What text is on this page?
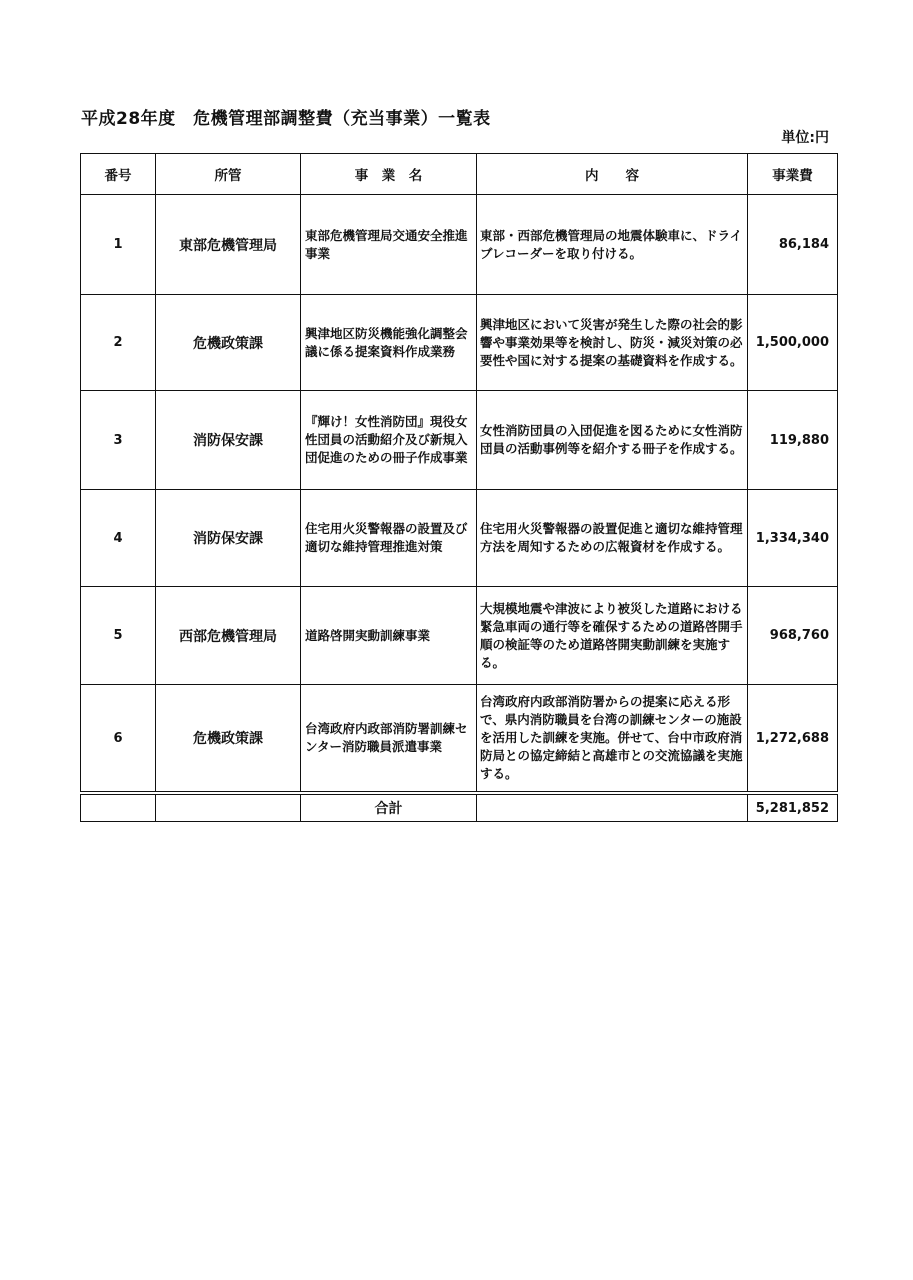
平成28年度　危機管理部調整費（充当事業）一覧表
単位:円
番号	所管	事　業　名	内　　容	事業費
1	東部危機管理局	東部危機管理局交通安全推進事業	東部・西部危機管理局の地震体験車に、ドライブレコーダーを取り付ける。	86,184
2	危機政策課	興津地区防災機能強化調整会議に係る提案資料作成業務	興津地区において災害が発生した際の社会的影響や事業効果等を検討し、防災・減災対策の必要性や国に対する提案の基礎資料を作成する。	1,500,000
3	消防保安課	『輝け！女性消防団』現役女性団員の活動紹介及び新規入団促進のための冊子作成事業	女性消防団員の入団促進を図るために女性消防団員の活動事例等を紹介する冊子を作成する。	119,880
4	消防保安課	住宅用火災警報器の設置及び適切な維持管理推進対策	住宅用火災警報器の設置促進と適切な維持管理方法を周知するための広報資材を作成する。	1,334,340
5	西部危機管理局	道路啓開実動訓練事業	大規模地震や津波により被災した道路における緊急車両の通行等を確保するための道路啓開手順の検証等のため道路啓開実動訓練を実施する。	968,760
6	危機政策課	台湾政府内政部消防署訓練センター消防職員派遣事業	台湾政府内政部消防署からの提案に応える形で、県内消防職員を台湾の訓練センターの施設を活用した訓練を実施。併せて、台中市政府消防局との協定締結と高雄市との交流協議を実施する。	1,272,688
		合計		5,281,852
